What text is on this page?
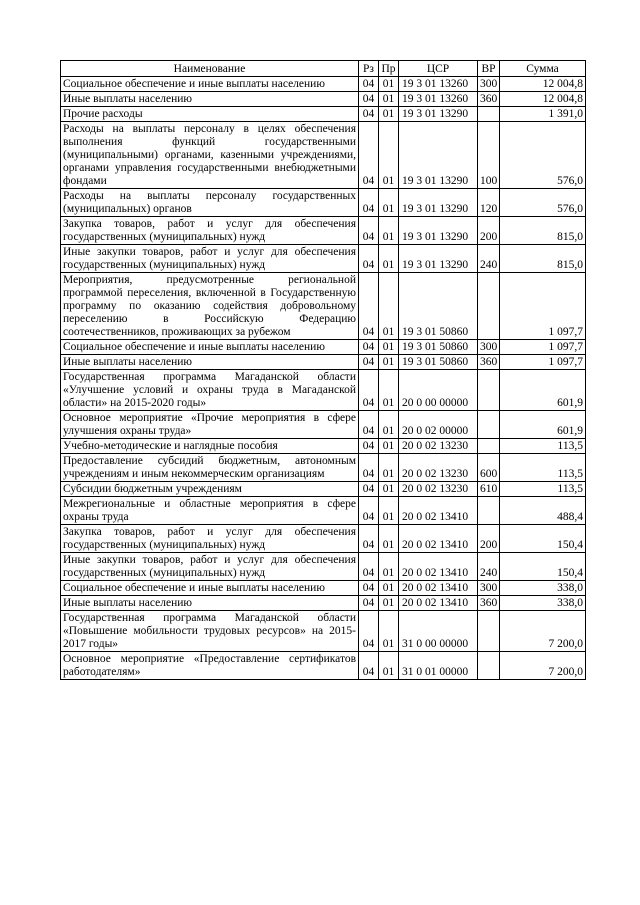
Наименование	Рз	Пр	ЦСР	ВР	Сумма
Социальное обеспечение и иные выплаты населению	04	01	19 3 01 13260	300	12 004,8
Иные выплаты населению	04	01	19 3 01 13260	360	12 004,8
Прочие расходы	04	01	19 3 01 13290		1 391,0
Расходы на выплаты персоналу в целях обеспечения выполнения функций государственными (муниципальными) органами, казенными учреждениями, органами управления государственными внебюджетными фондами	04	01	19 3 01 13290	100	576,0
Расходы на выплаты персоналу государственных (муниципальных) органов	04	01	19 3 01 13290	120	576,0
Закупка товаров, работ и услуг для обеспечения государственных (муниципальных) нужд	04	01	19 3 01 13290	200	815,0
Иные закупки товаров, работ и услуг для обеспечения государственных (муниципальных) нужд	04	01	19 3 01 13290	240	815,0
Мероприятия, предусмотренные региональной программой переселения, включенной в Государственную программу по оказанию содействия добровольному переселению в Российскую Федерацию соотечественников, проживающих за рубежом	04	01	19 3 01 50860		1 097,7
Социальное обеспечение и иные выплаты населению	04	01	19 3 01 50860	300	1 097,7
Иные выплаты населению	04	01	19 3 01 50860	360	1 097,7
Государственная программа Магаданской области «Улучшение условий и охраны труда в Магаданской области» на 2015-2020 годы»	04	01	20 0 00 00000		601,9
Основное мероприятие «Прочие мероприятия в сфере улучшения охраны труда»	04	01	20 0 02 00000		601,9
Учебно-методические и наглядные пособия	04	01	20 0 02 13230		113,5
Предоставление субсидий бюджетным, автономным учреждениям и иным некоммерческим организациям	04	01	20 0 02 13230	600	113,5
Субсидии бюджетным учреждениям	04	01	20 0 02 13230	610	113,5
Межрегиональные и областные мероприятия в сфере охраны труда	04	01	20 0 02 13410		488,4
Закупка товаров, работ и услуг для обеспечения государственных (муниципальных) нужд	04	01	20 0 02 13410	200	150,4
Иные закупки товаров, работ и услуг для обеспечения государственных (муниципальных) нужд	04	01	20 0 02 13410	240	150,4
Социальное обеспечение и иные выплаты населению	04	01	20 0 02 13410	300	338,0
Иные выплаты населению	04	01	20 0 02 13410	360	338,0
Государственная программа Магаданской области «Повышение мобильности трудовых ресурсов» на 2015-2017 годы»	04	01	31 0 00 00000		7 200,0
Основное мероприятие «Предоставление сертификатов работодателям»	04	01	31 0 01 00000		7 200,0
